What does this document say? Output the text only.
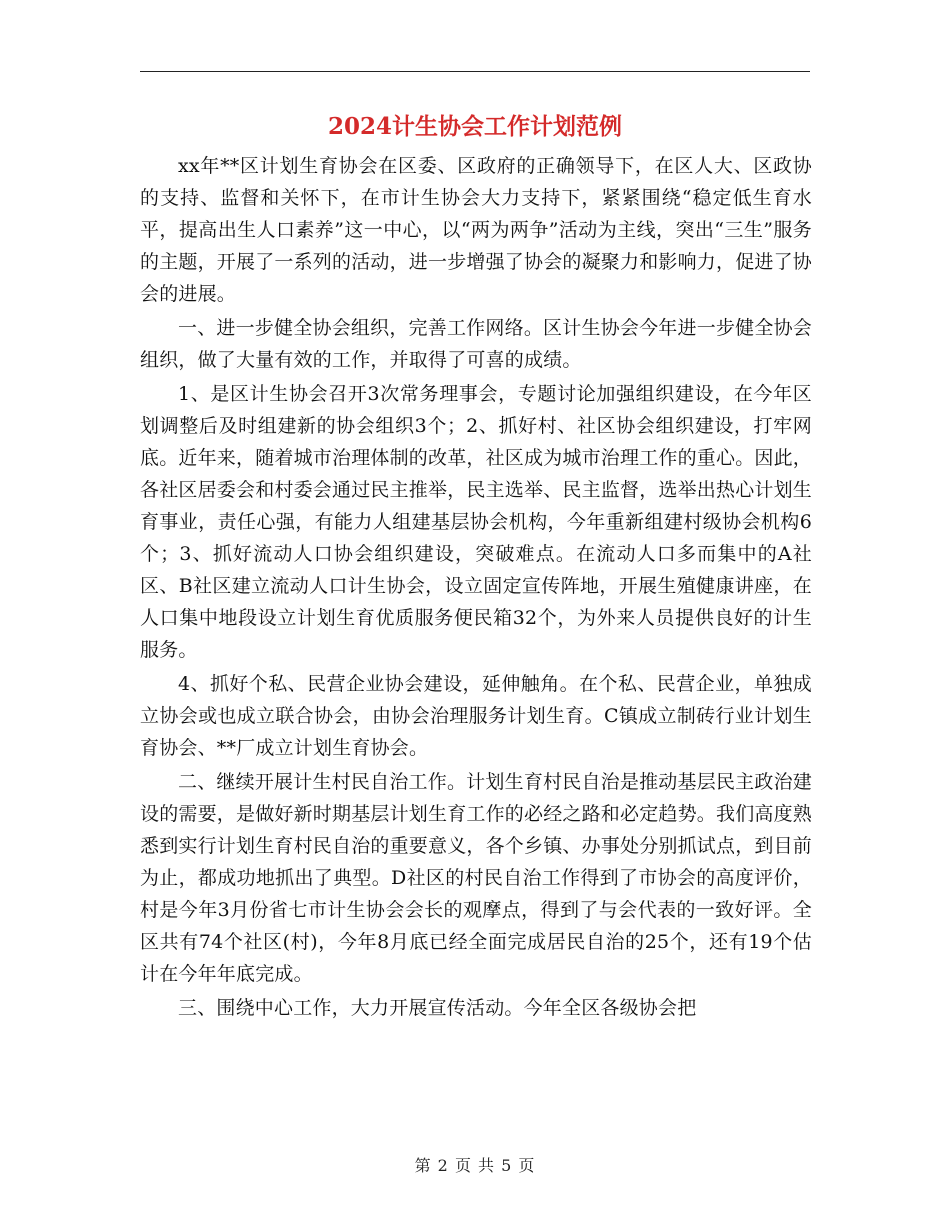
2024计生协会工作计划范例

xx年**区计划生育协会在区委、区政府的正确领导下，在区人大、区政协的支持、监督和关怀下，在市计生协会大力支持下，紧紧围绕“稳定低生育水平，提高出生人口素养”这一中心，以“两为两争”活动为主线，突出“三生”服务的主题，开展了一系列的活动，进一步增强了协会的凝聚力和影响力，促进了协会的进展。

一、进一步健全协会组织，完善工作网络。区计生协会今年进一步健全协会组织，做了大量有效的工作，并取得了可喜的成绩。

1、是区计生协会召开3次常务理事会，专题讨论加强组织建设，在今年区划调整后及时组建新的协会组织3个；2、抓好村、社区协会组织建设，打牢网底。近年来，随着城市治理体制的改革，社区成为城市治理工作的重心。因此，各社区居委会和村委会通过民主推举，民主选举、民主监督，选举出热心计划生育事业，责任心强，有能力人组建基层协会机构，今年重新组建村级协会机构6个；3、抓好流动人口协会组织建设，突破难点。在流动人口多而集中的A社区、B社区建立流动人口计生协会，设立固定宣传阵地，开展生殖健康讲座，在人口集中地段设立计划生育优质服务便民箱32个，为外来人员提供良好的计生服务。

4、抓好个私、民营企业协会建设，延伸触角。在个私、民营企业，单独成立协会或也成立联合协会，由协会治理服务计划生育。C镇成立制砖行业计划生育协会、**厂成立计划生育协会。

二、继续开展计生村民自治工作。计划生育村民自治是推动基层民主政治建设的需要，是做好新时期基层计划生育工作的必经之路和必定趋势。我们高度熟悉到实行计划生育村民自治的重要意义，各个乡镇、办事处分别抓试点，到目前为止，都成功地抓出了典型。D社区的村民自治工作得到了市协会的高度评价，村是今年3月份省七市计生协会会长的观摩点，得到了与会代表的一致好评。全区共有74个社区(村)，今年8月底已经全面完成居民自治的25个，还有19个估计在今年年底完成。

三、围绕中心工作，大力开展宣传活动。今年全区各级协会把

第 2 页 共 5 页
